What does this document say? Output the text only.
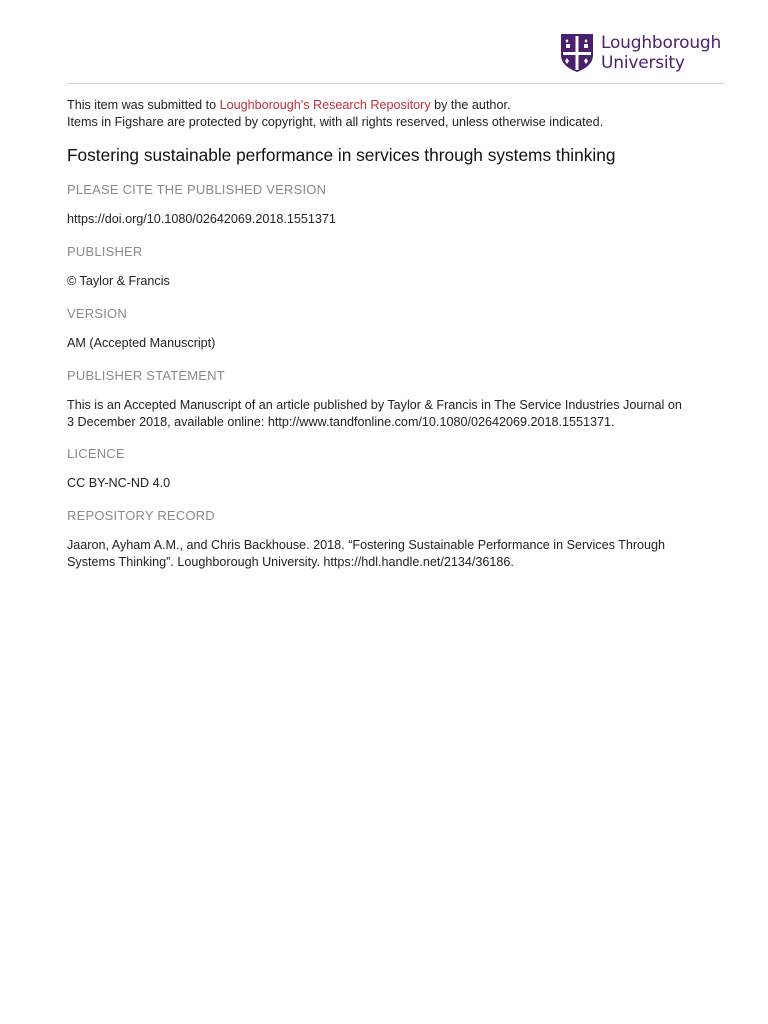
Loughborough
University
This item was submitted to Loughborough's Research Repository by the author.
Items in Figshare are protected by copyright, with all rights reserved, unless otherwise indicated.
Fostering sustainable performance in services through systems thinking
PLEASE CITE THE PUBLISHED VERSION
https://doi.org/10.1080/02642069.2018.1551371
PUBLISHER
© Taylor & Francis
VERSION
AM (Accepted Manuscript)
PUBLISHER STATEMENT
This is an Accepted Manuscript of an article published by Taylor & Francis in The Service Industries Journal on
3 December 2018, available online: http://www.tandfonline.com/10.1080/02642069.2018.1551371.
LICENCE
CC BY-NC-ND 4.0
REPOSITORY RECORD
Jaaron, Ayham A.M., and Chris Backhouse. 2018. “Fostering Sustainable Performance in Services Through
Systems Thinking”. Loughborough University. https://hdl.handle.net/2134/36186.
